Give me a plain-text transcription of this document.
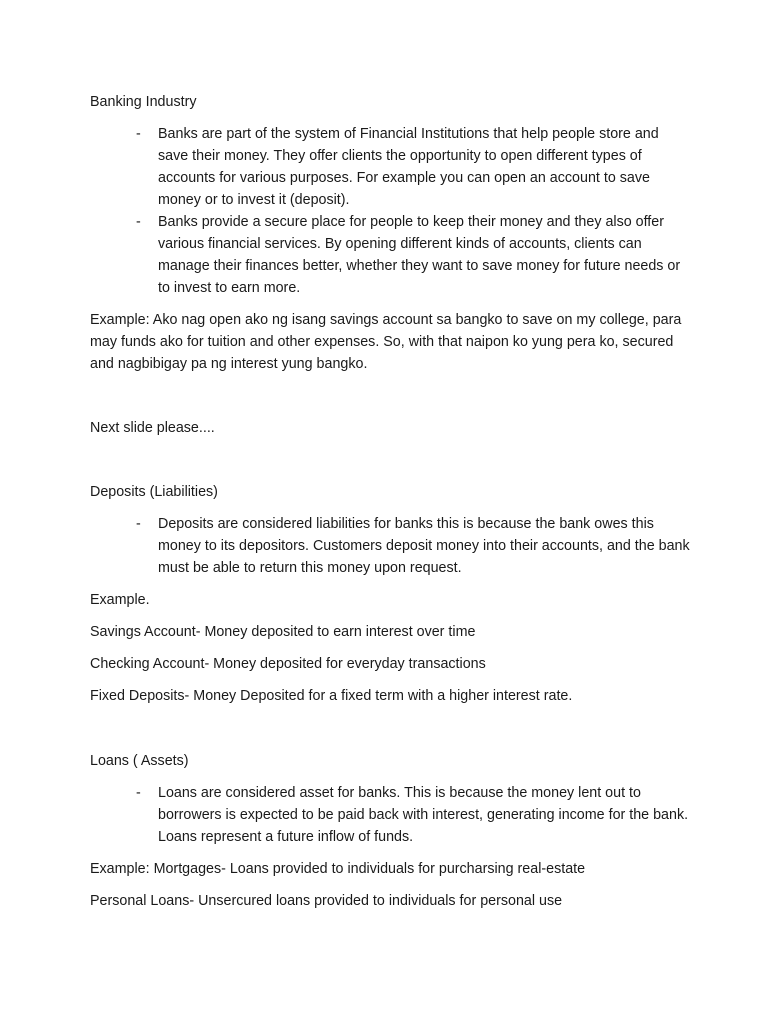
Banking Industry

- Banks are part of the system of Financial Institutions that help people store and save their money. They offer clients the opportunity to open different types of accounts for various purposes. For example you can open an account to save money or to invest it (deposit).
- Banks provide a secure place for people to keep their money and they also offer various financial services. By opening different kinds of accounts, clients can manage their finances better, whether they want to save money for future needs or to invest to earn more.

Example: Ako nag open ako ng isang savings account sa bangko to save on my college, para may funds ako for tuition and other expenses. So, with that naipon ko yung pera ko, secured and nagbibigay pa ng interest yung bangko.

Next slide please....

Deposits (Liabilities)

- Deposits are considered liabilities for banks this is because the bank owes this money to its depositors. Customers deposit money into their accounts, and the bank must be able to return this money upon request.

Example.

Savings Account- Money deposited to earn interest over time

Checking Account- Money deposited for everyday transactions

Fixed Deposits- Money Deposited for a fixed term with a higher interest rate.

Loans ( Assets)

- Loans are considered asset for banks. This is because the money lent out to borrowers is expected to be paid back with interest, generating income for the bank. Loans represent a future inflow of funds.

Example: Mortgages- Loans provided to individuals for purcharsing real-estate

Personal Loans- Unsercured loans provided to individuals for personal use
